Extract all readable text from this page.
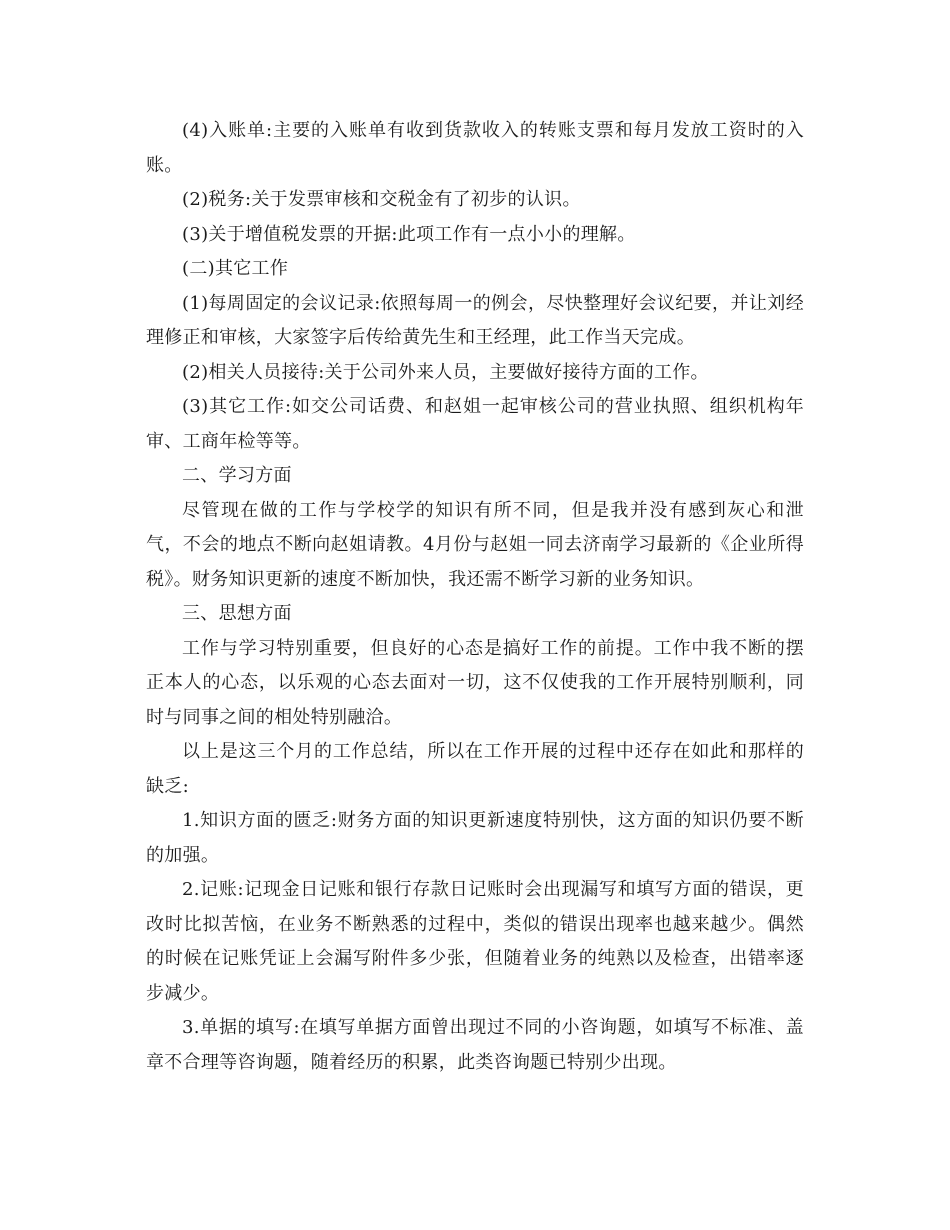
(4)入账单:主要的入账单有收到货款收入的转账支票和每月发放工资时的入账。

(2)税务:关于发票审核和交税金有了初步的认识。

(3)关于增值税发票的开据:此项工作有一点小小的理解。

(二)其它工作

(1)每周固定的会议记录:依照每周一的例会，尽快整理好会议纪要，并让刘经理修正和审核，大家签字后传给黄先生和王经理，此工作当天完成。

(2)相关人员接待:关于公司外来人员，主要做好接待方面的工作。

(3)其它工作:如交公司话费、和赵姐一起审核公司的营业执照、组织机构年审、工商年检等等。

二、学习方面

尽管现在做的工作与学校学的知识有所不同，但是我并没有感到灰心和泄气，不会的地点不断向赵姐请教。4月份与赵姐一同去济南学习最新的《企业所得税》。财务知识更新的速度不断加快，我还需不断学习新的业务知识。

三、思想方面

工作与学习特别重要，但良好的心态是搞好工作的前提。工作中我不断的摆正本人的心态，以乐观的心态去面对一切，这不仅使我的工作开展特别顺利，同时与同事之间的相处特别融洽。

以上是这三个月的工作总结，所以在工作开展的过程中还存在如此和那样的缺乏:

1.知识方面的匮乏:财务方面的知识更新速度特别快，这方面的知识仍要不断的加强。

2.记账:记现金日记账和银行存款日记账时会出现漏写和填写方面的错误，更改时比拟苦恼，在业务不断熟悉的过程中，类似的错误出现率也越来越少。偶然的时候在记账凭证上会漏写附件多少张，但随着业务的纯熟以及检查，出错率逐步减少。

3.单据的填写:在填写单据方面曾出现过不同的小咨询题，如填写不标准、盖章不合理等咨询题，随着经历的积累，此类咨询题已特别少出现。
